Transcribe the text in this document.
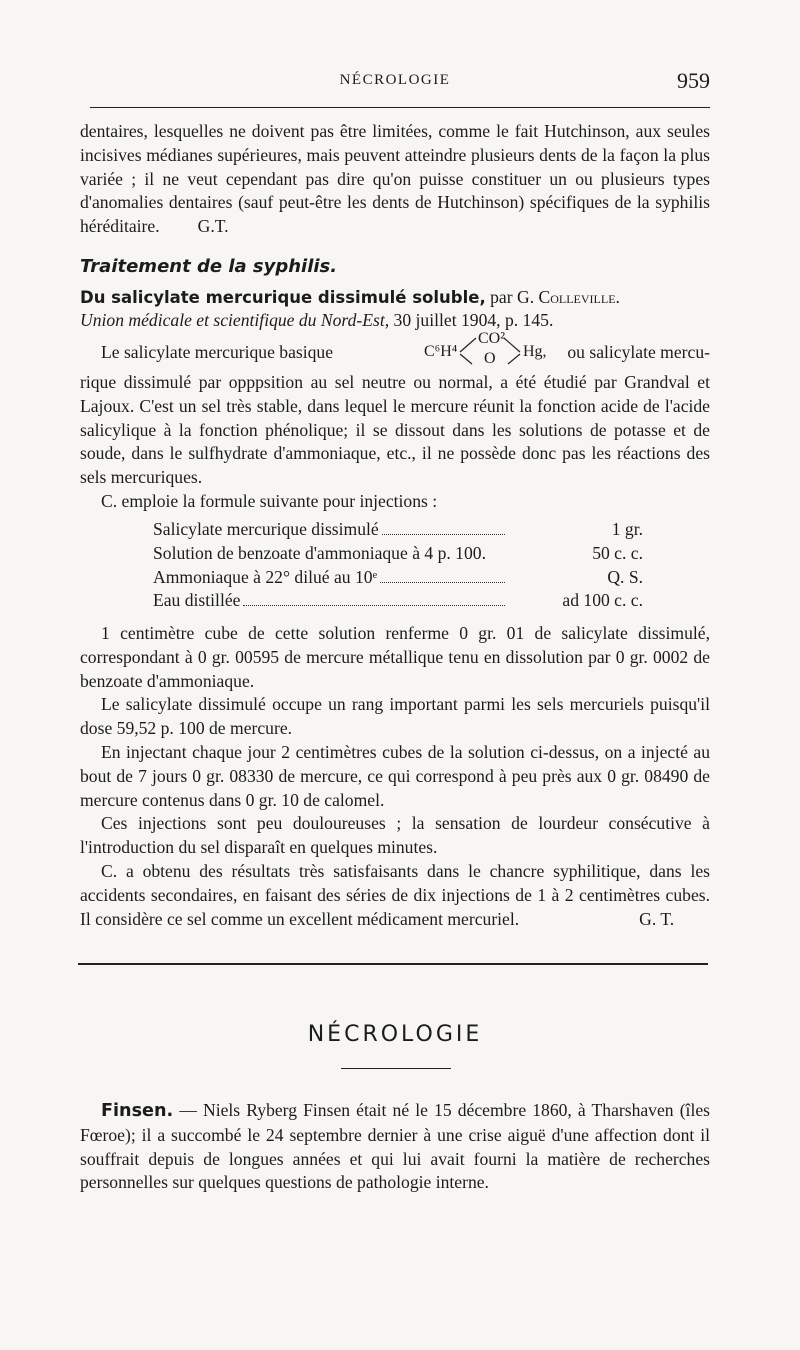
NÉCROLOGIE	959

dentaires, lesquelles ne doivent pas être limitées, comme le fait Hutchinson, aux seules incisives médianes supérieures, mais peuvent atteindre plusieurs dents de la façon la plus variée ; il ne veut cependant pas dire qu'on puisse constituer un ou plusieurs types d'anomalies dentaires (sauf peut-être les dents de Hutchinson) spécifiques de la syphilis héréditaire. G.T.

Traitement de la syphilis.
Du salicylate mercurique dissimulé soluble, par G. Colleville.
Union médicale et scientifique du Nord-Est, 30 juillet 1904, p. 145.
Le salicylate mercurique basique	C⁶H⁴
CO²
O Hg, ou salicylate mercu-

rique dissimulé par opppsition au sel neutre ou normal, a été étudié par Grandval et Lajoux. C'est un sel très stable, dans lequel le mercure réunit la fonction acide de l'acide salicylique à la fonction phénolique; il se dissout dans les solutions de potasse et de soude, dans le sulfhydrate d'ammoniaque, etc., il ne possède donc pas les réactions des sels mercuriques.

C. emploie la formule suivante pour injections :

Salicylate mercurique dissimulé	1 gr.
Solution de benzoate d'ammoniaque à 4 p. 100.	50 c. c.
Ammoniaque à 22° dilué au 10ᵉ	Q. S.
Eau distillée	ad 100 c. c.

1 centimètre cube de cette solution renferme 0 gr. 01 de salicylate dissimulé, correspondant à 0 gr. 00595 de mercure métallique tenu en dissolution par 0 gr. 0002 de benzoate d'ammoniaque.

Le salicylate dissimulé occupe un rang important parmi les sels mercuriels puisqu'il dose 59,52 p. 100 de mercure.

En injectant chaque jour 2 centimètres cubes de la solution ci-dessus, on a injecté au bout de 7 jours 0 gr. 08330 de mercure, ce qui correspond à peu près aux 0 gr. 08490 de mercure contenus dans 0 gr. 10 de calomel.

Ces injections sont peu douloureuses ; la sensation de lourdeur consécutive à l'introduction du sel disparaît en quelques minutes.

C. a obtenu des résultats très satisfaisants dans le chancre syphilitique, dans les accidents secondaires, en faisant des séries de dix injections de 1 à 2 centimètres cubes. Il considère ce sel comme un excellent médicament mercuriel.	G. T.

NÉCROLOGIE

Finsen. — Niels Ryberg Finsen était né le 15 décembre 1860, à Tharshaven (îles Fœroe); il a succombé le 24 septembre dernier à une crise aiguë d'une affection dont il souffrait depuis de longues années et qui lui avait fourni la matière de recherches personnelles sur quelques questions de pathologie interne.
